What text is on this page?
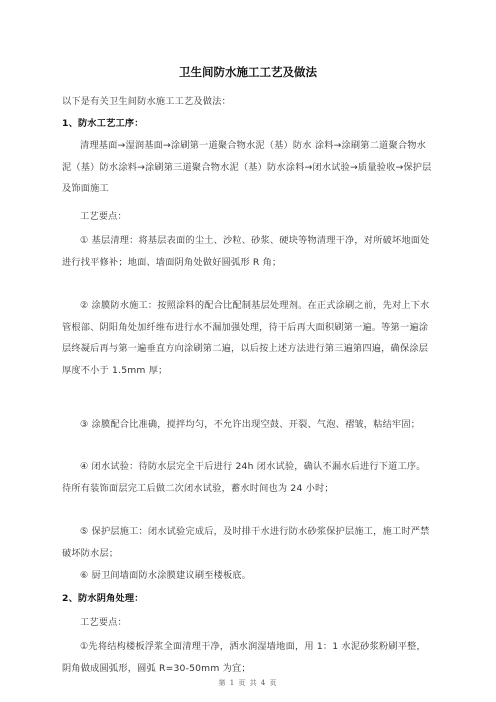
卫生间防水施工工艺及做法
以下是有关卫生间防水施工工艺及做法：
1、防水工艺工序：
清理基面→湿润基面→涂刷第一道聚合物水泥（基）防水 涂料→涂刷第二道聚合物水泥（基）防水涂料→涂刷第三道聚合物水泥（基）防水涂料→闭水试验→质量验收→保护层及饰面施工
工艺要点：
① 基层清理：将基层表面的尘土、沙粒、砂浆、硬块等物清理干净，对所破坏地面处进行找平修补；地面、墙面阴角处做好圆弧形 R 角；
② 涂膜防水施工：按照涂料的配合比配制基层处理剂。在正式涂刷之前，先对上下水管根部、阴阳角处加纤维布进行水不漏加强处理，待干后再大面积刷第一遍。等第一遍涂层终凝后再与第一遍垂直方向涂刷第二遍，以后按上述方法进行第三遍第四遍，确保涂层厚度不小于 1.5mm 厚；
③ 涂膜配合比准确，搅拌均匀，不允许出现空鼓、开裂、气泡、褶皱，粘结牢固；
④ 闭水试验：待防水层完全干后进行 24h 闭水试验，确认不漏水后进行下道工序。待所有装饰面层完工后做二次闭水试验，蓄水时间也为 24 小时；
⑤ 保护层施工：闭水试验完成后，及时排干水进行防水砂浆保护层施工，施工时严禁破坏防水层；
⑥ 厨卫间墙面防水涂膜建议刷至楼板底。
2、防水阴角处理：
工艺要点：
①先将结构楼板浮浆全面清理干净，洒水润湿墙地面，用 1：1 水泥砂浆粉刷平整，阴角做成圆弧形，圆弧 R=30-50mm 为宜；
第 1 页 共 4 页
